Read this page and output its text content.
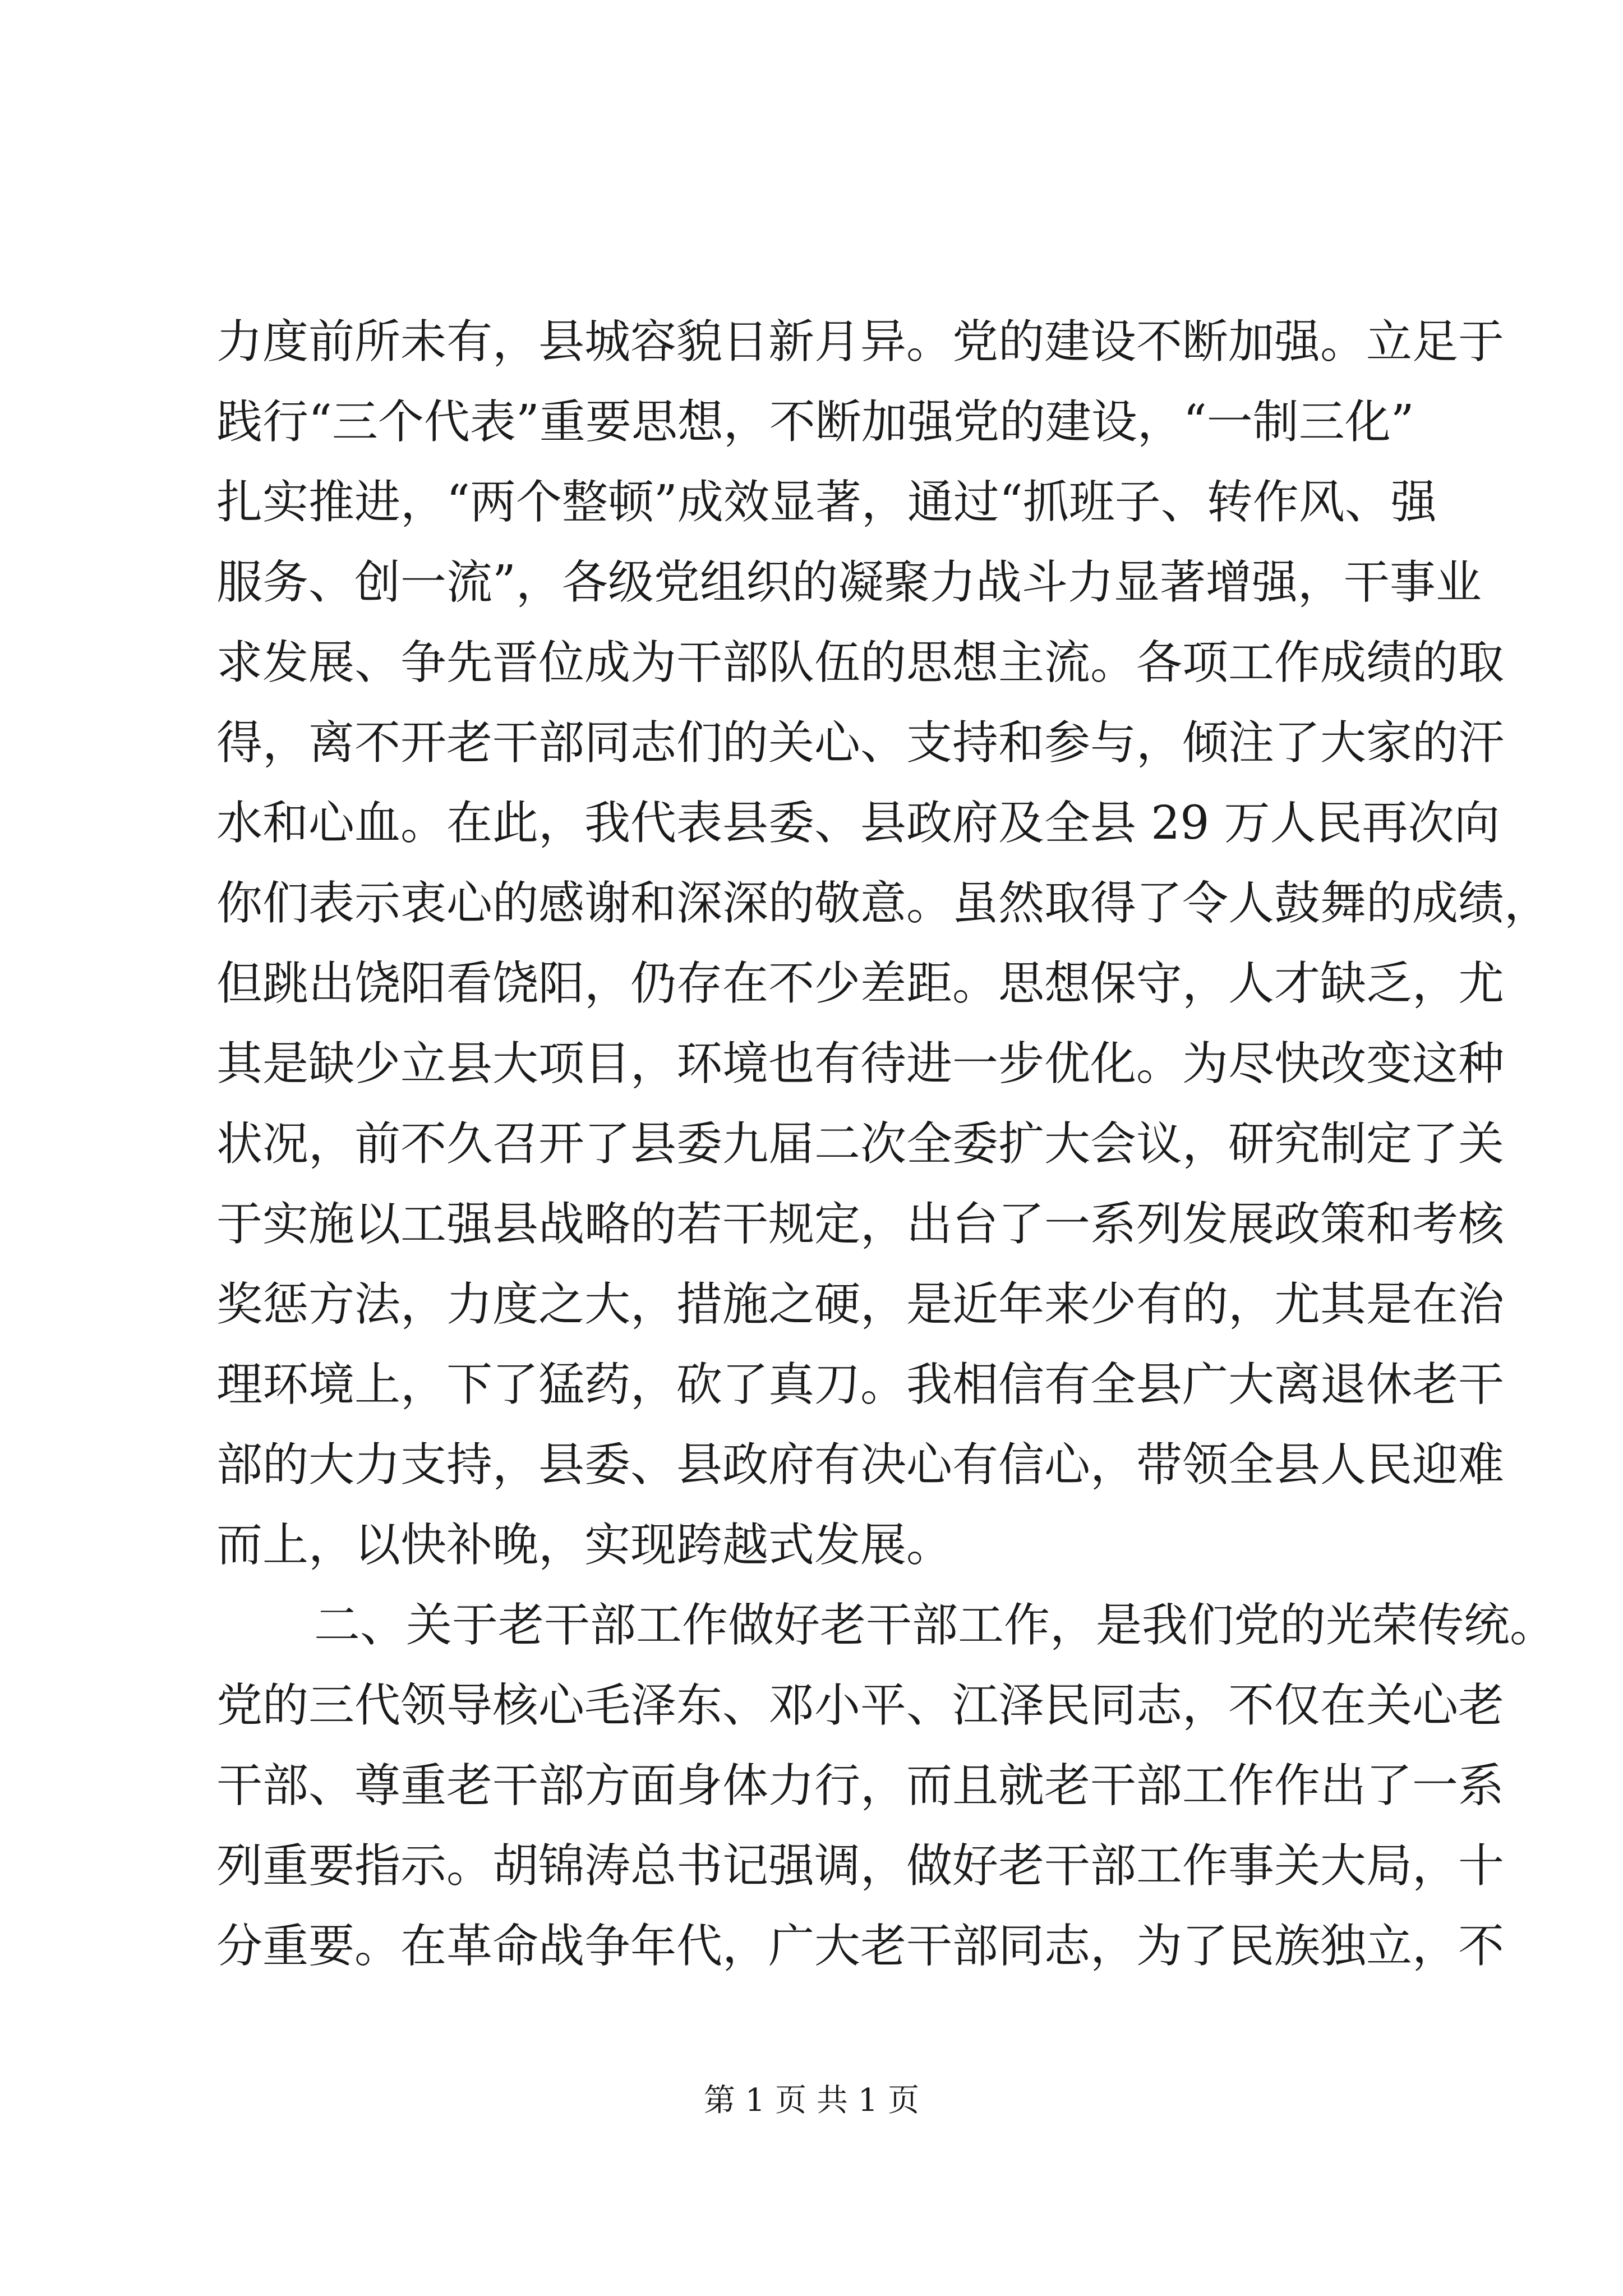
力度前所未有，县城容貌日新月异。党的建设不断加强。立足于
践行“三个代表”重要思想，不断加强党的建设，“一制三化”
扎实推进，“两个整顿”成效显著，通过“抓班子、转作风、强
服务、创一流”，各级党组织的凝聚力战斗力显著增强，干事业
求发展、争先晋位成为干部队伍的思想主流。各项工作成绩的取
得，离不开老干部同志们的关心、支持和参与，倾注了大家的汗
水和心血。在此，我代表县委、县政府及全县 29 万人民再次向
你们表示衷心的感谢和深深的敬意。虽然取得了令人鼓舞的成绩，
但跳出饶阳看饶阳，仍存在不少差距。思想保守，人才缺乏，尤
其是缺少立县大项目，环境也有待进一步优化。为尽快改变这种
状况，前不久召开了县委九届二次全委扩大会议，研究制定了关
于实施以工强县战略的若干规定，出台了一系列发展政策和考核
奖惩方法，力度之大，措施之硬，是近年来少有的，尤其是在治
理环境上，下了猛药，砍了真刀。我相信有全县广大离退休老干
部的大力支持，县委、县政府有决心有信心，带领全县人民迎难
而上，以快补晚，实现跨越式发展。
二、关于老干部工作做好老干部工作，是我们党的光荣传统。
党的三代领导核心毛泽东、邓小平、江泽民同志，不仅在关心老
干部、尊重老干部方面身体力行，而且就老干部工作作出了一系
列重要指示。胡锦涛总书记强调，做好老干部工作事关大局，十
分重要。在革命战争年代，广大老干部同志，为了民族独立，不
第 1 页 共 1 页
